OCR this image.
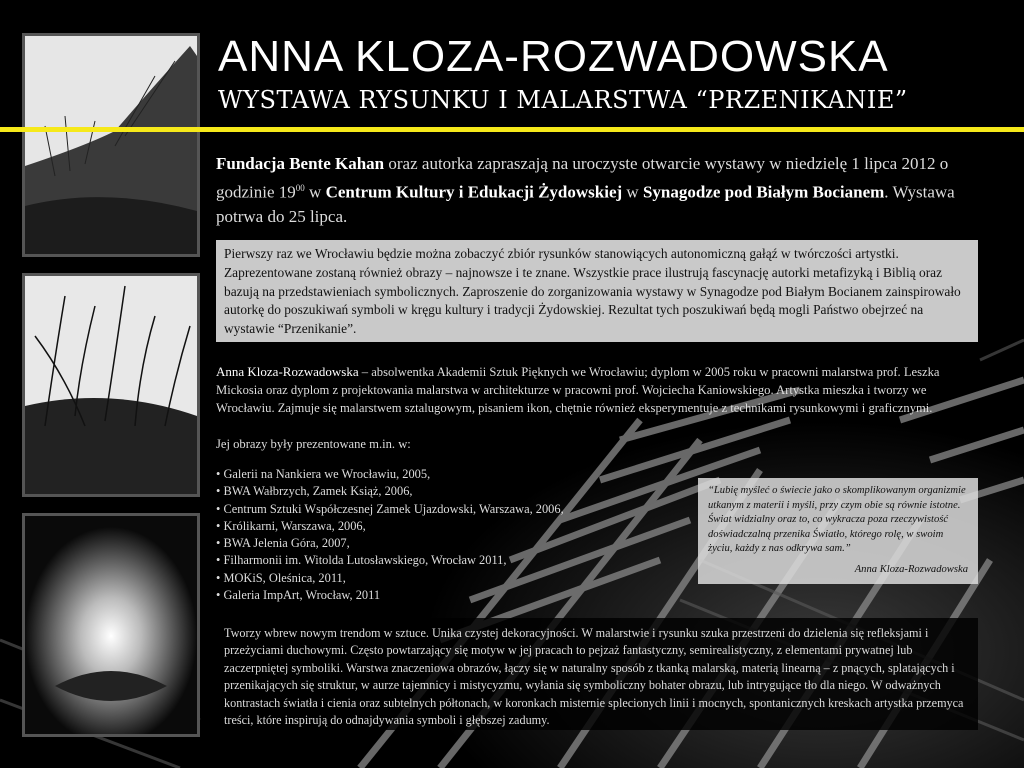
ANNA KLOZA-ROZWADOWSKA
WYSTAWA RYSUNKU I MALARSTWA “PRZENIKANIE”
Fundacja Bente Kahan oraz autorka zapraszają na uroczyste otwarcie wystawy w niedzielę 1 lipca 2012 o godzinie $19^{00}$ w Centrum Kultury i Edukacji Żydowskiej w Synagodze pod Białym Bocianem. Wystawa potrwa do 25 lipca.
Pierwszy raz we Wrocławiu będzie można zobaczyć zbiór rysunków stanowiących autonomiczną gałąź w twórczości artystki. Zaprezentowane zostaną również obrazy – najnowsze i te znane. Wszystkie prace ilustrują fascynację autorki metafizyką i Biblią oraz bazują na przedstawieniach symbolicznych. Zaproszenie do zorganizowania wystawy w Synagodze pod Białym Bocianem zainspirowało autorkę do poszukiwań symboli w kręgu kultury i tradycji Żydowskiej. Rezultat tych poszukiwań będą mogli Państwo obejrzeć na wystawie “Przenikanie”.
Anna Kloza-Rozwadowska – absolwentka Akademii Sztuk Pięknych we Wrocławiu; dyplom w 2005 roku w pracowni malarstwa prof. Leszka Mickosia oraz dyplom z projektowania malarstwa w architekturze w pracowni prof. Wojciecha Kaniowskiego. Artystka mieszka i tworzy we Wrocławiu. Zajmuje się malarstwem sztalugowym, pisaniem ikon, chętnie również eksperymentuje z technikami rysunkowymi i graficznymi.
Jej obrazy były prezentowane m.in. w:
• Galerii na Nankiera we Wrocławiu, 2005,
• BWA Wałbrzych, Zamek Książ, 2006,
• Centrum Sztuki Współczesnej Zamek Ujazdowski, Warszawa, 2006,
• Królikarni, Warszawa, 2006,
• BWA Jelenia Góra, 2007,
• Filharmonii im. Witolda Lutosławskiego, Wrocław 2011,
• MOKiS, Oleśnica, 2011,
• Galeria ImpArt, Wrocław, 2011
“Lubię myśleć o świecie jako o skomplikowanym organizmie utkanym z materii i myśli, przy czym obie są równie istotne. Świat widzialny oraz to, co wykracza poza rzeczywistość doświadczalną przenika Światło, którego rolę, w swoim życiu, każdy z nas odkrywa sam.”
Anna Kloza-Rozwadowska
Tworzy wbrew nowym trendom w sztuce. Unika czystej dekoracyjności. W malarstwie i rysunku szuka przestrzeni do dzielenia się refleksjami i przeżyciami duchowymi. Często powtarzający się motyw w jej pracach to pejzaż fantastyczny, semirealistyczny, z elementami prywatnej lub zaczerpniętej symboliki. Warstwa znaczeniowa obrazów, łączy się w naturalny sposób z tkanką malarską, materią linearną – z pnących, splatających i przenikających się struktur, w aurze tajemnicy i mistycyzmu, wyłania się symboliczny bohater obrazu, lub intrygujące tło dla niego. W odważnych kontrastach światła i cienia oraz subtelnych półtonach, w koronkach misternie splecionych linii i mocnych, spontanicznych kreskach artystka przemyca treści, które inspirują do odnajdywania symboli i głębszej zadumy.
